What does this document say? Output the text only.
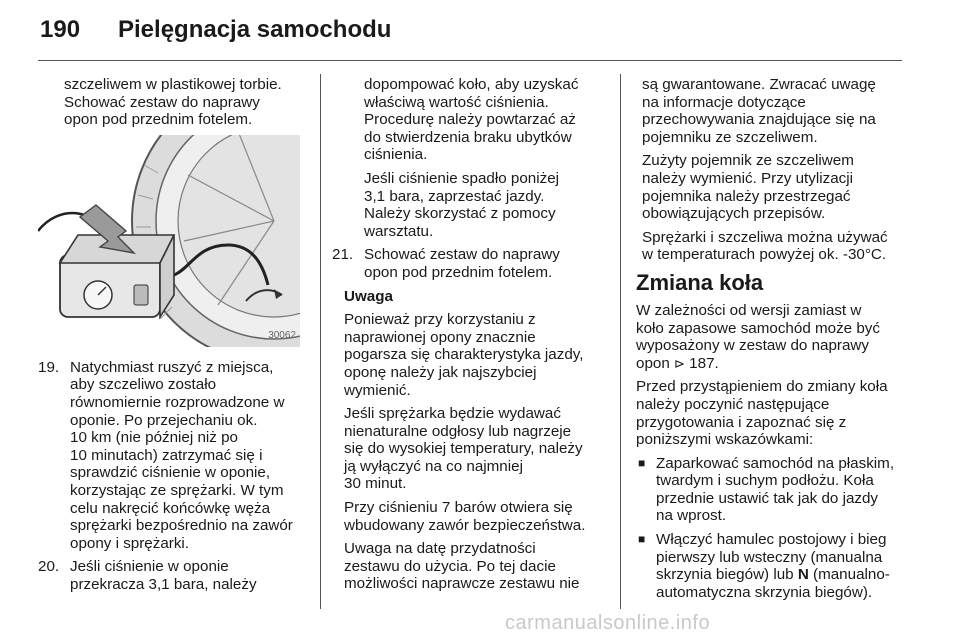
190 Pielęgnacja samochodu

szczeliwem w plastikowej torbie.
Schować zestaw do naprawy
opon pod przednim fotelem.

30062
19. Natychmiast ruszyć z miejsca,
aby szczeliwo zostało
równomiernie rozprowadzone w
oponie. Po przejechaniu ok.
10 km (nie później niż po
10 minutach) zatrzymać się i
sprawdzić ciśnienie w oponie,
korzystając ze sprężarki. W tym
celu nakręcić końcówkę węża
sprężarki bezpośrednio na zawór
opony i sprężarki.
20. Jeśli ciśnienie w oponie
przekracza 3,1 bara, należy

dopompować koło, aby uzyskać
właściwą wartość ciśnienia.
Procedurę należy powtarzać aż
do stwierdzenia braku ubytków
ciśnienia.

Jeśli ciśnienie spadło poniżej
3,1 bara, zaprzestać jazdy.
Należy skorzystać z pomocy
warsztatu.

21. Schować zestaw do naprawy
opon pod przednim fotelem.

Uwaga

Ponieważ przy korzystaniu z
naprawionej opony znacznie
pogarsza się charakterystyka jazdy,
oponę należy jak najszybciej
wymienić.

Jeśli sprężarka będzie wydawać
nienaturalne odgłosy lub nagrzeje
się do wysokiej temperatury, należy
ją wyłączyć na co najmniej
30 minut.

Przy ciśnieniu 7 barów otwiera się
wbudowany zawór bezpieczeństwa.

Uwaga na datę przydatności
zestawu do użycia. Po tej dacie
możliwości naprawcze zestawu nie

są gwarantowane. Zwracać uwagę
na informacje dotyczące
przechowywania znajdujące się na
pojemniku ze szczeliwem.

Zużyty pojemnik ze szczeliwem
należy wymienić. Przy utylizacji
pojemnika należy przestrzegać
obowiązujących przepisów.

Sprężarki i szczeliwa można używać
w temperaturach powyżej ok. -30°C.

Zmiana koła

W zależności od wersji zamiast w
koło zapasowe samochód może być
wyposażony w zestaw do naprawy
opon ⊳ 187.

Przed przystąpieniem do zmiany koła
należy poczynić następujące
przygotowania i zapoznać się z
poniższymi wskazówkami:

■ Zaparkować samochód na płaskim,
twardym i suchym podłożu. Koła
przednie ustawić tak jak do jazdy
na wprost.
■ Włączyć hamulec postojowy i bieg
pierwszy lub wsteczny (manualna
skrzynia biegów) lub N (manualno-
automatyczna skrzynia biegów).
carmanualsonline.info
